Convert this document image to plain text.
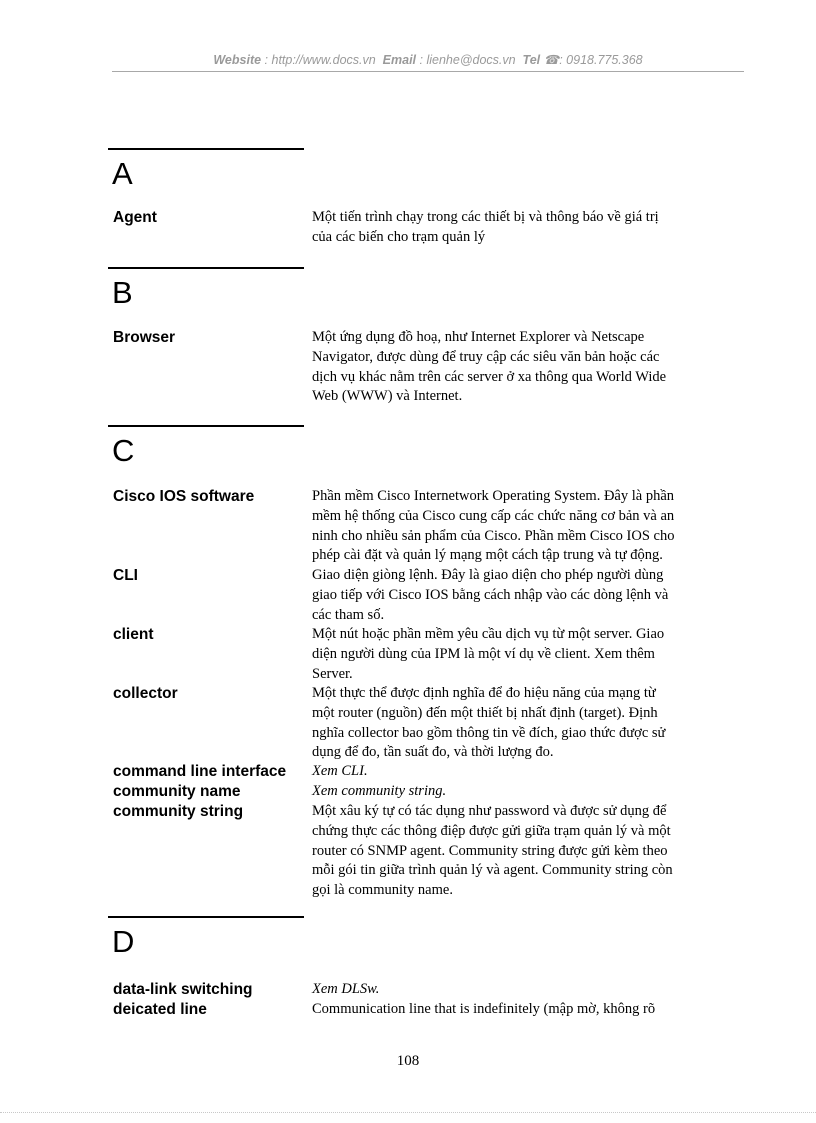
Website : http://www.docs.vn Email : lienhe@docs.vn Tel ☎: 0918.775.368
A
Agent	Một tiến trình chạy trong các thiết bị và thông báo về giá trị
của các biến cho trạm quản lý
B
Browser	Một ứng dụng đồ hoạ, như Internet Explorer và Netscape
Navigator, được dùng để truy cập các siêu văn bản hoặc các
dịch vụ khác nằm trên các server ở xa thông qua World Wide
Web (WWW) và Internet.
C
Cisco IOS software	Phần mềm Cisco Internetwork Operating System. Đây là phần
mềm hệ thống của Cisco cung cấp các chức năng cơ bản và an
ninh cho nhiều sản phẩm của Cisco. Phần mềm Cisco IOS cho
phép cài đặt và quản lý mạng một cách tập trung và tự động.
CLI	Giao diện giòng lệnh. Đây là giao diện cho phép người dùng
giao tiếp với Cisco IOS bằng cách nhập vào các dòng lệnh và
các tham số.
client	Một nút hoặc phần mềm yêu cầu dịch vụ từ một server. Giao
diện người dùng của IPM là một ví dụ về client. Xem thêm
Server.
collector	Một thực thể được định nghĩa để đo hiệu năng của mạng từ
một router (nguồn) đến một thiết bị nhất định (target). Định
nghĩa collector bao gồm thông tin về đích, giao thức được sử
dụng để đo, tần suất đo, và thời lượng đo.
command line interface	Xem CLI.
community name	Xem community string.
community string	Một xâu ký tự có tác dụng như password và được sử dụng để
chứng thực các thông điệp được gửi giữa trạm quản lý và một
router có SNMP agent. Community string được gửi kèm theo
mỗi gói tin giữa trình quản lý và agent. Community string còn
gọi là community name.
D
data-link switching	Xem DLSw.
deicated line	Communication line that is indefinitely (mập mờ, không rõ
108
